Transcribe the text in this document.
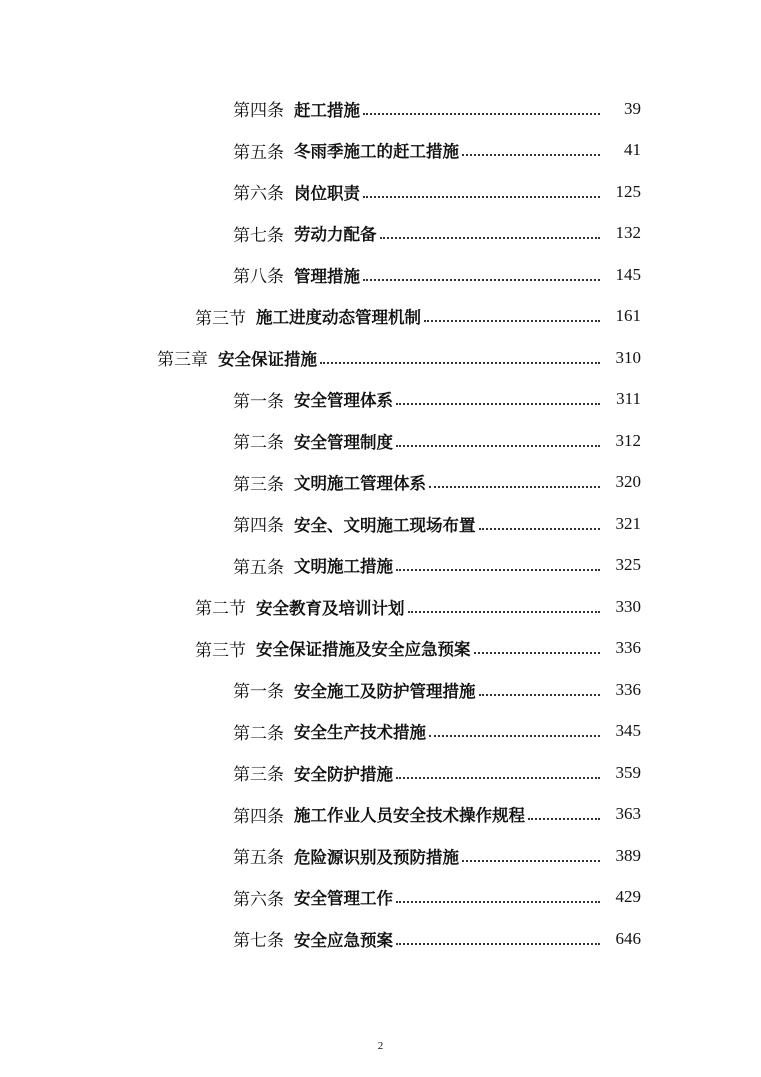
第四条 赶工措施	39
第五条 冬雨季施工的赶工措施	41
第六条 岗位职责	125
第七条 劳动力配备	132
第八条 管理措施	145
第三节 施工进度动态管理机制	161
第三章 安全保证措施	310
第一条 安全管理体系	311
第二条 安全管理制度	312
第三条 文明施工管理体系	320
第四条 安全、文明施工现场布置	321
第五条 文明施工措施	325
第二节 安全教育及培训计划	330
第三节 安全保证措施及安全应急预案	336
第一条 安全施工及防护管理措施	336
第二条 安全生产技术措施	345
第三条 安全防护措施	359
第四条 施工作业人员安全技术操作规程	363
第五条 危险源识别及预防措施	389
第六条 安全管理工作	429
第七条 安全应急预案	646
2
